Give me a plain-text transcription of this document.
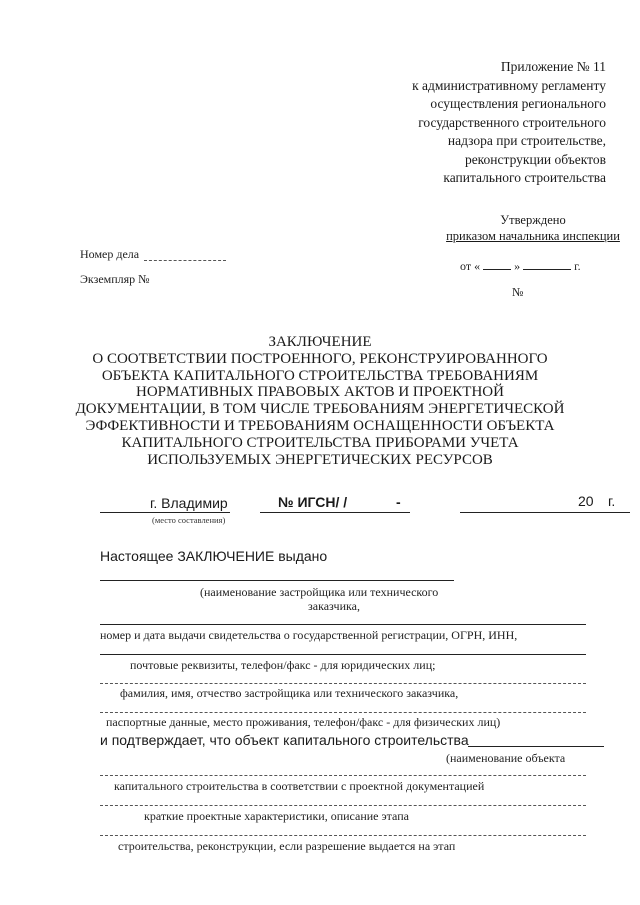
Приложение № 11
к административному регламенту
осуществления регионального
государственного строительного
надзора при строительстве,
реконструкции объектов
капитального строительства
Утверждено
приказом начальника инспекции
от «	»	г.
№
Номер дела
Экземпляр №
ЗАКЛЮЧЕНИЕ
О СООТВЕТСТВИИ ПОСТРОЕННОГО, РЕКОНСТРУИРОВАННОГО
ОБЪЕКТА КАПИТАЛЬНОГО СТРОИТЕЛЬСТВА ТРЕБОВАНИЯМ
НОРМАТИВНЫХ ПРАВОВЫХ АКТОВ И ПРОЕКТНОЙ
ДОКУМЕНТАЦИИ, В ТОМ ЧИСЛЕ ТРЕБОВАНИЯМ ЭНЕРГЕТИЧЕСКОЙ
ЭФФЕКТИВНОСТИ И ТРЕБОВАНИЯМ ОСНАЩЕННОСТИ ОБЪЕКТА
КАПИТАЛЬНОГО СТРОИТЕЛЬСТВА ПРИБОРАМИ УЧЕТА
ИСПОЛЬЗУЕМЫХ ЭНЕРГЕТИЧЕСКИХ РЕСУРСОВ
г. Владимир
(место составления)
№ ИГСН/ /	-	20 г.
Настоящее ЗАКЛЮЧЕНИЕ выдано
(наименование застройщика или технического
заказчика,
номер и дата выдачи свидетельства о государственной регистрации, ОГРН, ИНН,
почтовые реквизиты, телефон/факс - для юридических лиц;
фамилия, имя, отчество застройщика или технического заказчика,
паспортные данные, место проживания, телефон/факс - для физических лиц)
и подтверждает, что объект капитального строительства
(наименование объекта
капитального строительства в соответствии с проектной документацией
краткие проектные характеристики, описание этапа
строительства, реконструкции, если разрешение выдается на этап
